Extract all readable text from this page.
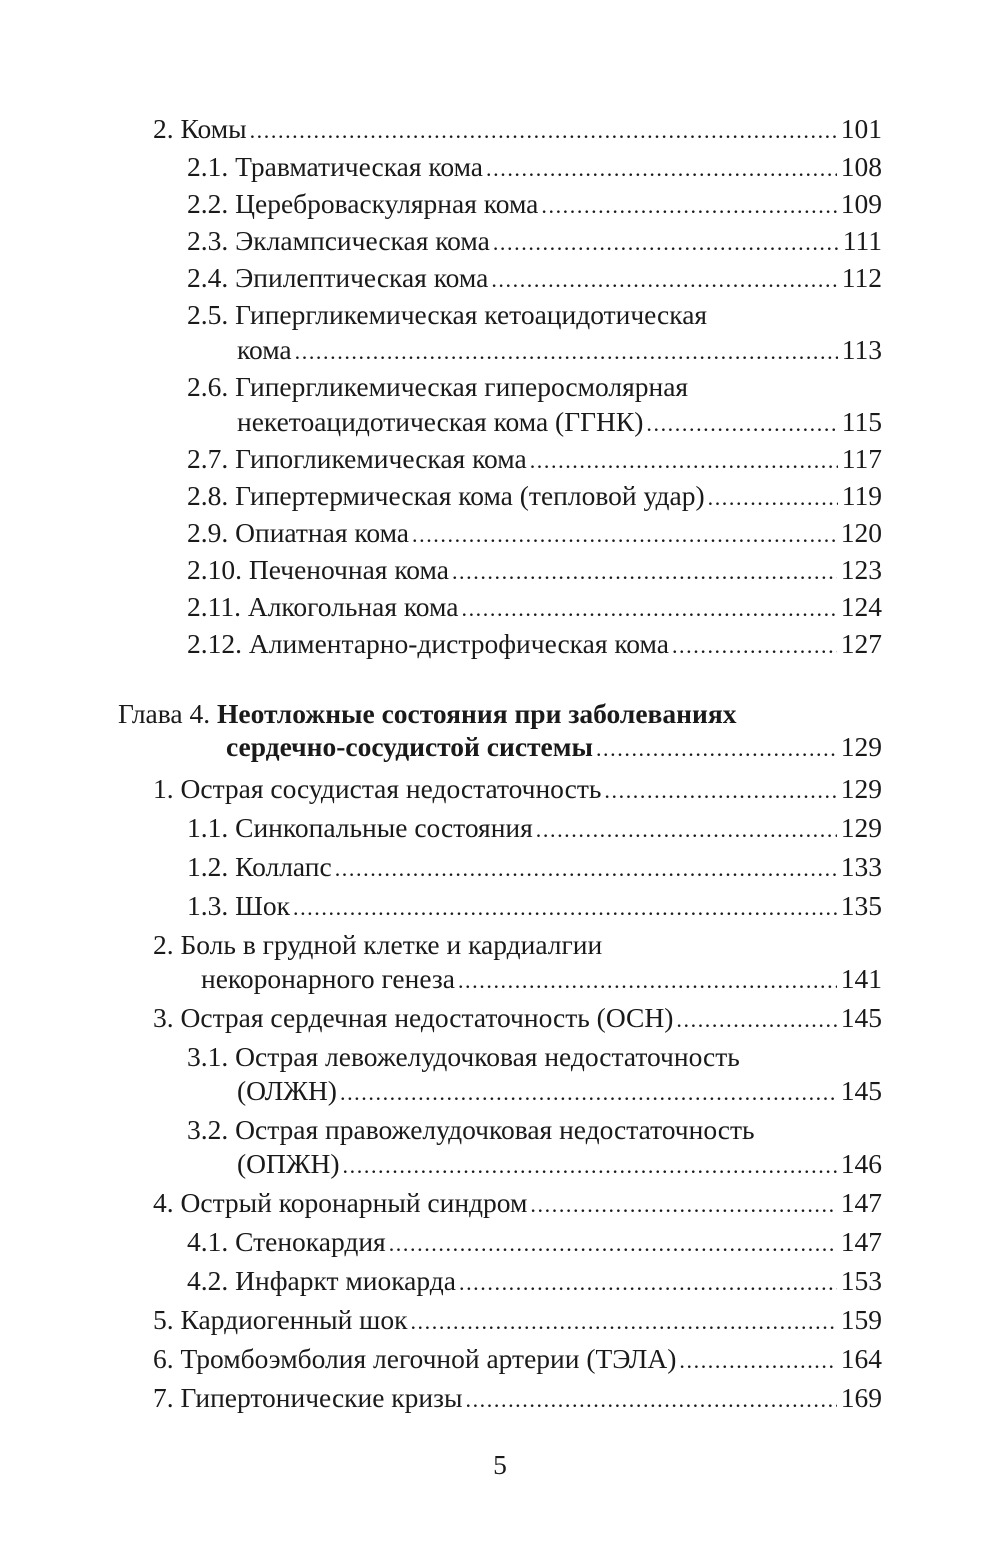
2. Комы .....	101
2.1. Травматическая кома .....	108
2.2. Цереброваскулярная кома .....	109
2.3. Эклампсическая кома .....	111
2.4. Эпилептическая кома .....	112
2.5. Гипергликемическая кетоацидотическая
кома .....	113
2.6. Гипергликемическая гиперосмолярная
некетоацидотическая кома (ГГНК) .....	115
2.7. Гипогликемическая кома .....	117
2.8. Гипертермическая кома (тепловой удар) .....	119
2.9. Опиатная кома .....	120
2.10. Печеночная кома .....	123
2.11. Алкогольная кома .....	124
2.12. Алиментарно-дистрофическая кома .....	127
Глава 4. Неотложные состояния при заболеваниях
сердечно-сосудистой системы .....	129
1. Острая сосудистая недостаточность .....	129
1.1. Синкопальные состояния .....	129
1.2. Коллапс .....	133
1.3. Шок .....	135
2. Боль в грудной клетке и кардиалгии
некоронарного генеза .....	141
3. Острая сердечная недостаточность (ОСН) .....	145
3.1. Острая левожелудочковая недостаточность
(ОЛЖН) .....	145
3.2. Острая правожелудочковая недостаточность
(ОПЖН) .....	146
4. Острый коронарный синдром .....	147
4.1. Стенокардия .....	147
4.2. Инфаркт миокарда .....	153
5. Кардиогенный шок .....	159
6. Тромбоэмболия легочной артерии (ТЭЛА) .....	164
7. Гипертонические кризы .....	169
5
